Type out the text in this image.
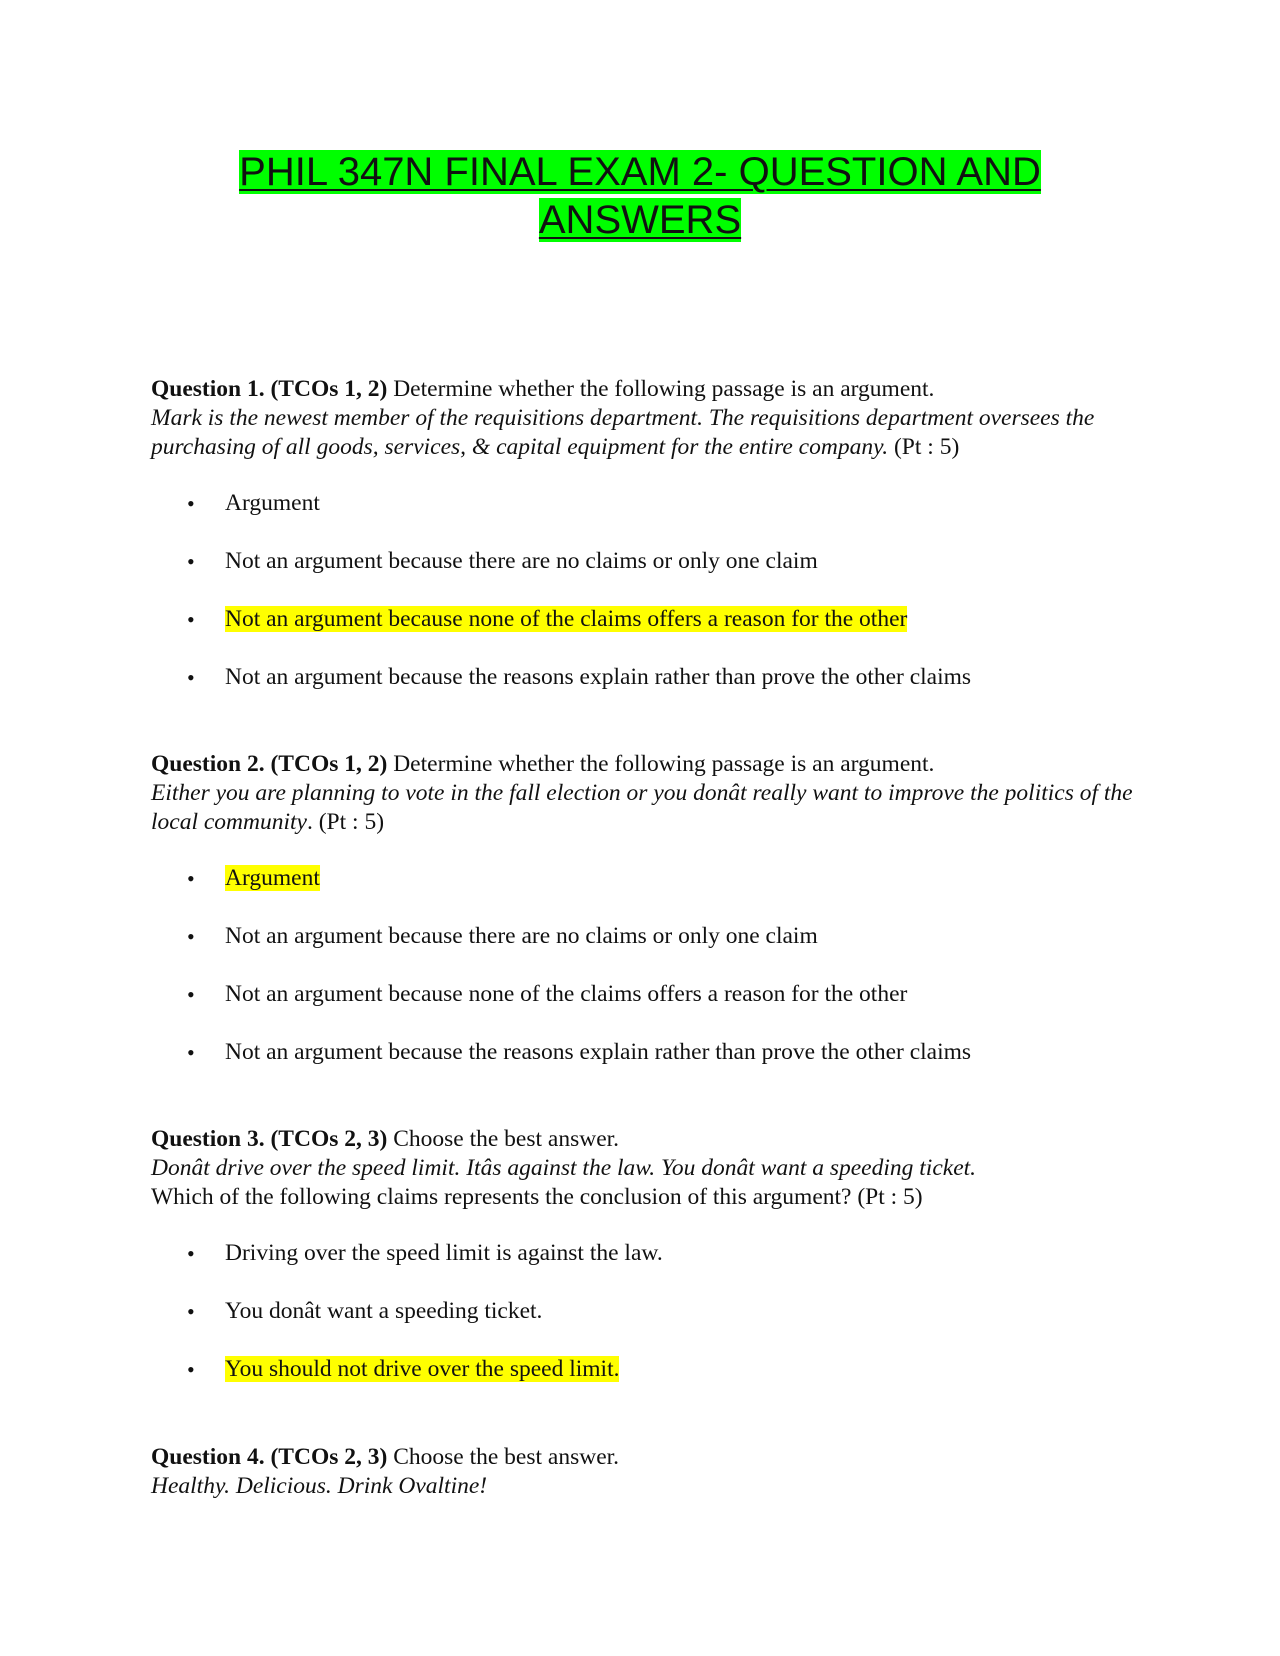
PHIL 347N FINAL EXAM 2- QUESTION AND ANSWERS

Question 1. (TCOs 1, 2) Determine whether the following passage is an argument.

Mark is the newest member of the requisitions department. The requisitions department oversees the purchasing of all goods, services, & capital equipment for the entire company. (Pt : 5)

• Argument
• Not an argument because there are no claims or only one claim
• Not an argument because none of the claims offers a reason for the other
• Not an argument because the reasons explain rather than prove the other claims

Question 2. (TCOs 1, 2) Determine whether the following passage is an argument.

Either you are planning to vote in the fall election or you donât really want to improve the politics of the local community. (Pt : 5)

• Argument
• Not an argument because there are no claims or only one claim
• Not an argument because none of the claims offers a reason for the other
• Not an argument because the reasons explain rather than prove the other claims

Question 3. (TCOs 2, 3) Choose the best answer.

Donât drive over the speed limit. Itâs against the law. You donât want a speeding ticket.

Which of the following claims represents the conclusion of this argument? (Pt : 5)

• Driving over the speed limit is against the law.
• You donât want a speeding ticket.
• You should not drive over the speed limit.

Question 4. (TCOs 2, 3) Choose the best answer.

Healthy. Delicious. Drink Ovaltine!
